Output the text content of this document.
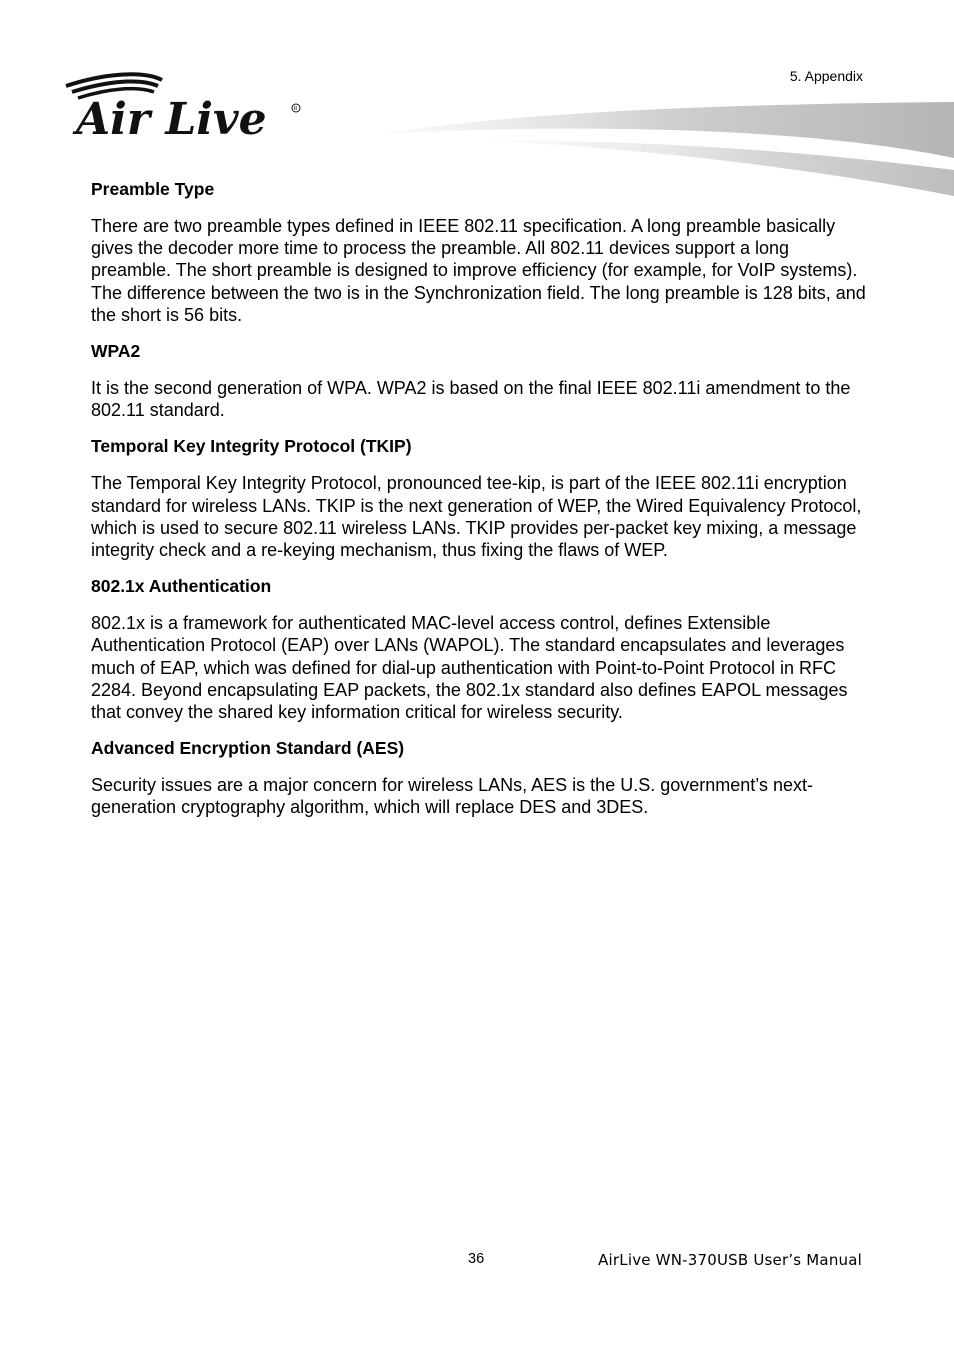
Air Live	R

5. Appendix

Preamble Type

There are two preamble types defined in IEEE 802.11 specification. A long preamble basically gives the decoder more time to process the preamble. All 802.11 devices support a long preamble. The short preamble is designed to improve efficiency (for example, for VoIP systems). The difference between the two is in the Synchronization field. The long preamble is 128 bits, and the short is 56 bits.

WPA2

It is the second generation of WPA. WPA2 is based on the final IEEE 802.11i amendment to the 802.11 standard.

Temporal Key Integrity Protocol (TKIP)

The Temporal Key Integrity Protocol, pronounced tee-kip, is part of the IEEE 802.11i encryption standard for wireless LANs. TKIP is the next generation of WEP, the Wired Equivalency Protocol, which is used to secure 802.11 wireless LANs. TKIP provides per-packet key mixing, a message integrity check and a re-keying mechanism, thus fixing the flaws of WEP.

802.1x Authentication

802.1x is a framework for authenticated MAC-level access control, defines Extensible Authentication Protocol (EAP) over LANs (WAPOL). The standard encapsulates and leverages much of EAP, which was defined for dial-up authentication with Point-to-Point Protocol in RFC 2284. Beyond encapsulating EAP packets, the 802.1x standard also defines EAPOL messages that convey the shared key information critical for wireless security.

Advanced Encryption Standard (AES)

Security issues are a major concern for wireless LANs, AES is the U.S. government’s next-generation cryptography algorithm, which will replace DES and 3DES.

36	AirLive WN-370USB User’s Manual
